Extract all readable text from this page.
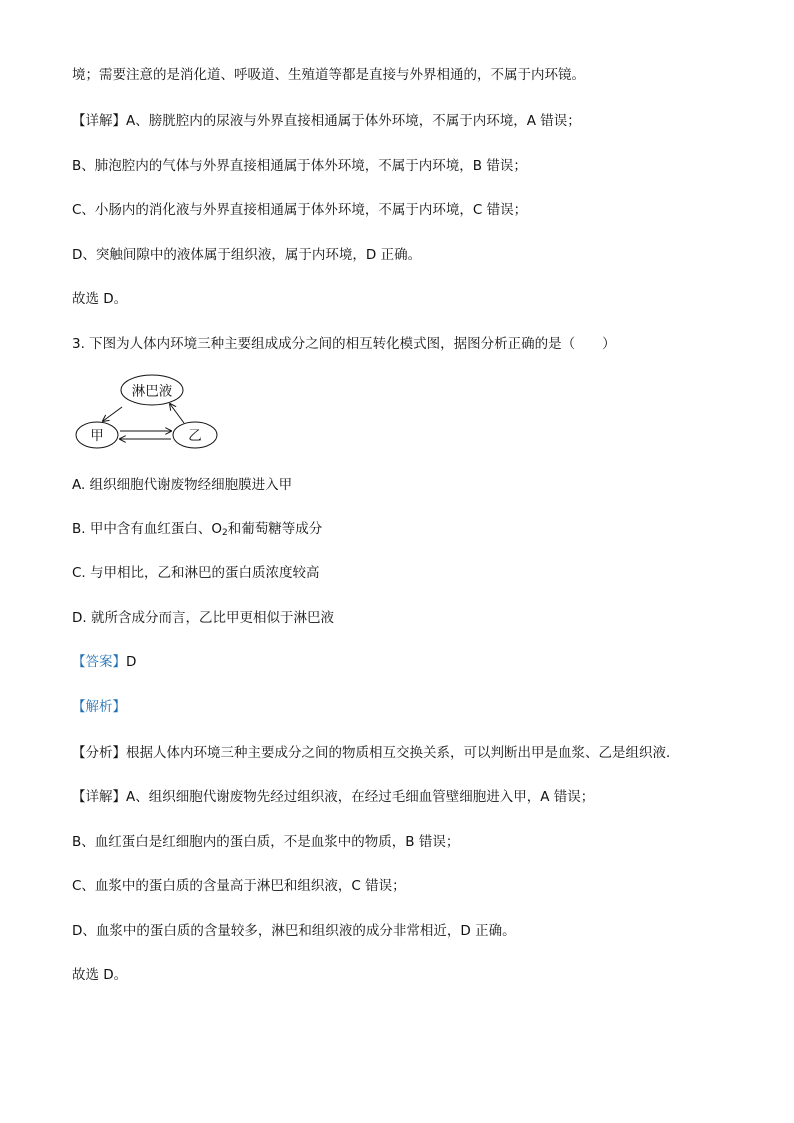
境；需要注意的是消化道、呼吸道、生殖道等都是直接与外界相通的，不属于内环镜。
【详解】A、膀胱腔内的尿液与外界直接相通属于体外环境，不属于内环境，A 错误；
B、肺泡腔内的气体与外界直接相通属于体外环境，不属于内环境，B 错误；
C、小肠内的消化液与外界直接相通属于体外环境，不属于内环境，C 错误；
D、突触间隙中的液体属于组织液，属于内环境，D 正确。
故选 D。
3. 下图为人体内环境三种主要组成成分之间的相互转化模式图，据图分析正确的是（　　）
淋巴液
甲	乙
A. 组织细胞代谢废物经细胞膜进入甲
B. 甲中含有血红蛋白、$O_2$和葡萄糖等成分
C. 与甲相比，乙和淋巴的蛋白质浓度较高
D. 就所含成分而言，乙比甲更相似于淋巴液
【答案】D
【解析】
【分析】根据人体内环境三种主要成分之间的物质相互交换关系，可以判断出甲是血浆、乙是组织液．
【详解】A、组织细胞代谢废物先经过组织液，在经过毛细血管壁细胞进入甲，A 错误；
B、血红蛋白是红细胞内的蛋白质，不是血浆中的物质，B 错误；
C、血浆中的蛋白质的含量高于淋巴和组织液，C 错误；
D、血浆中的蛋白质的含量较多，淋巴和组织液的成分非常相近，D 正确。
故选 D。
